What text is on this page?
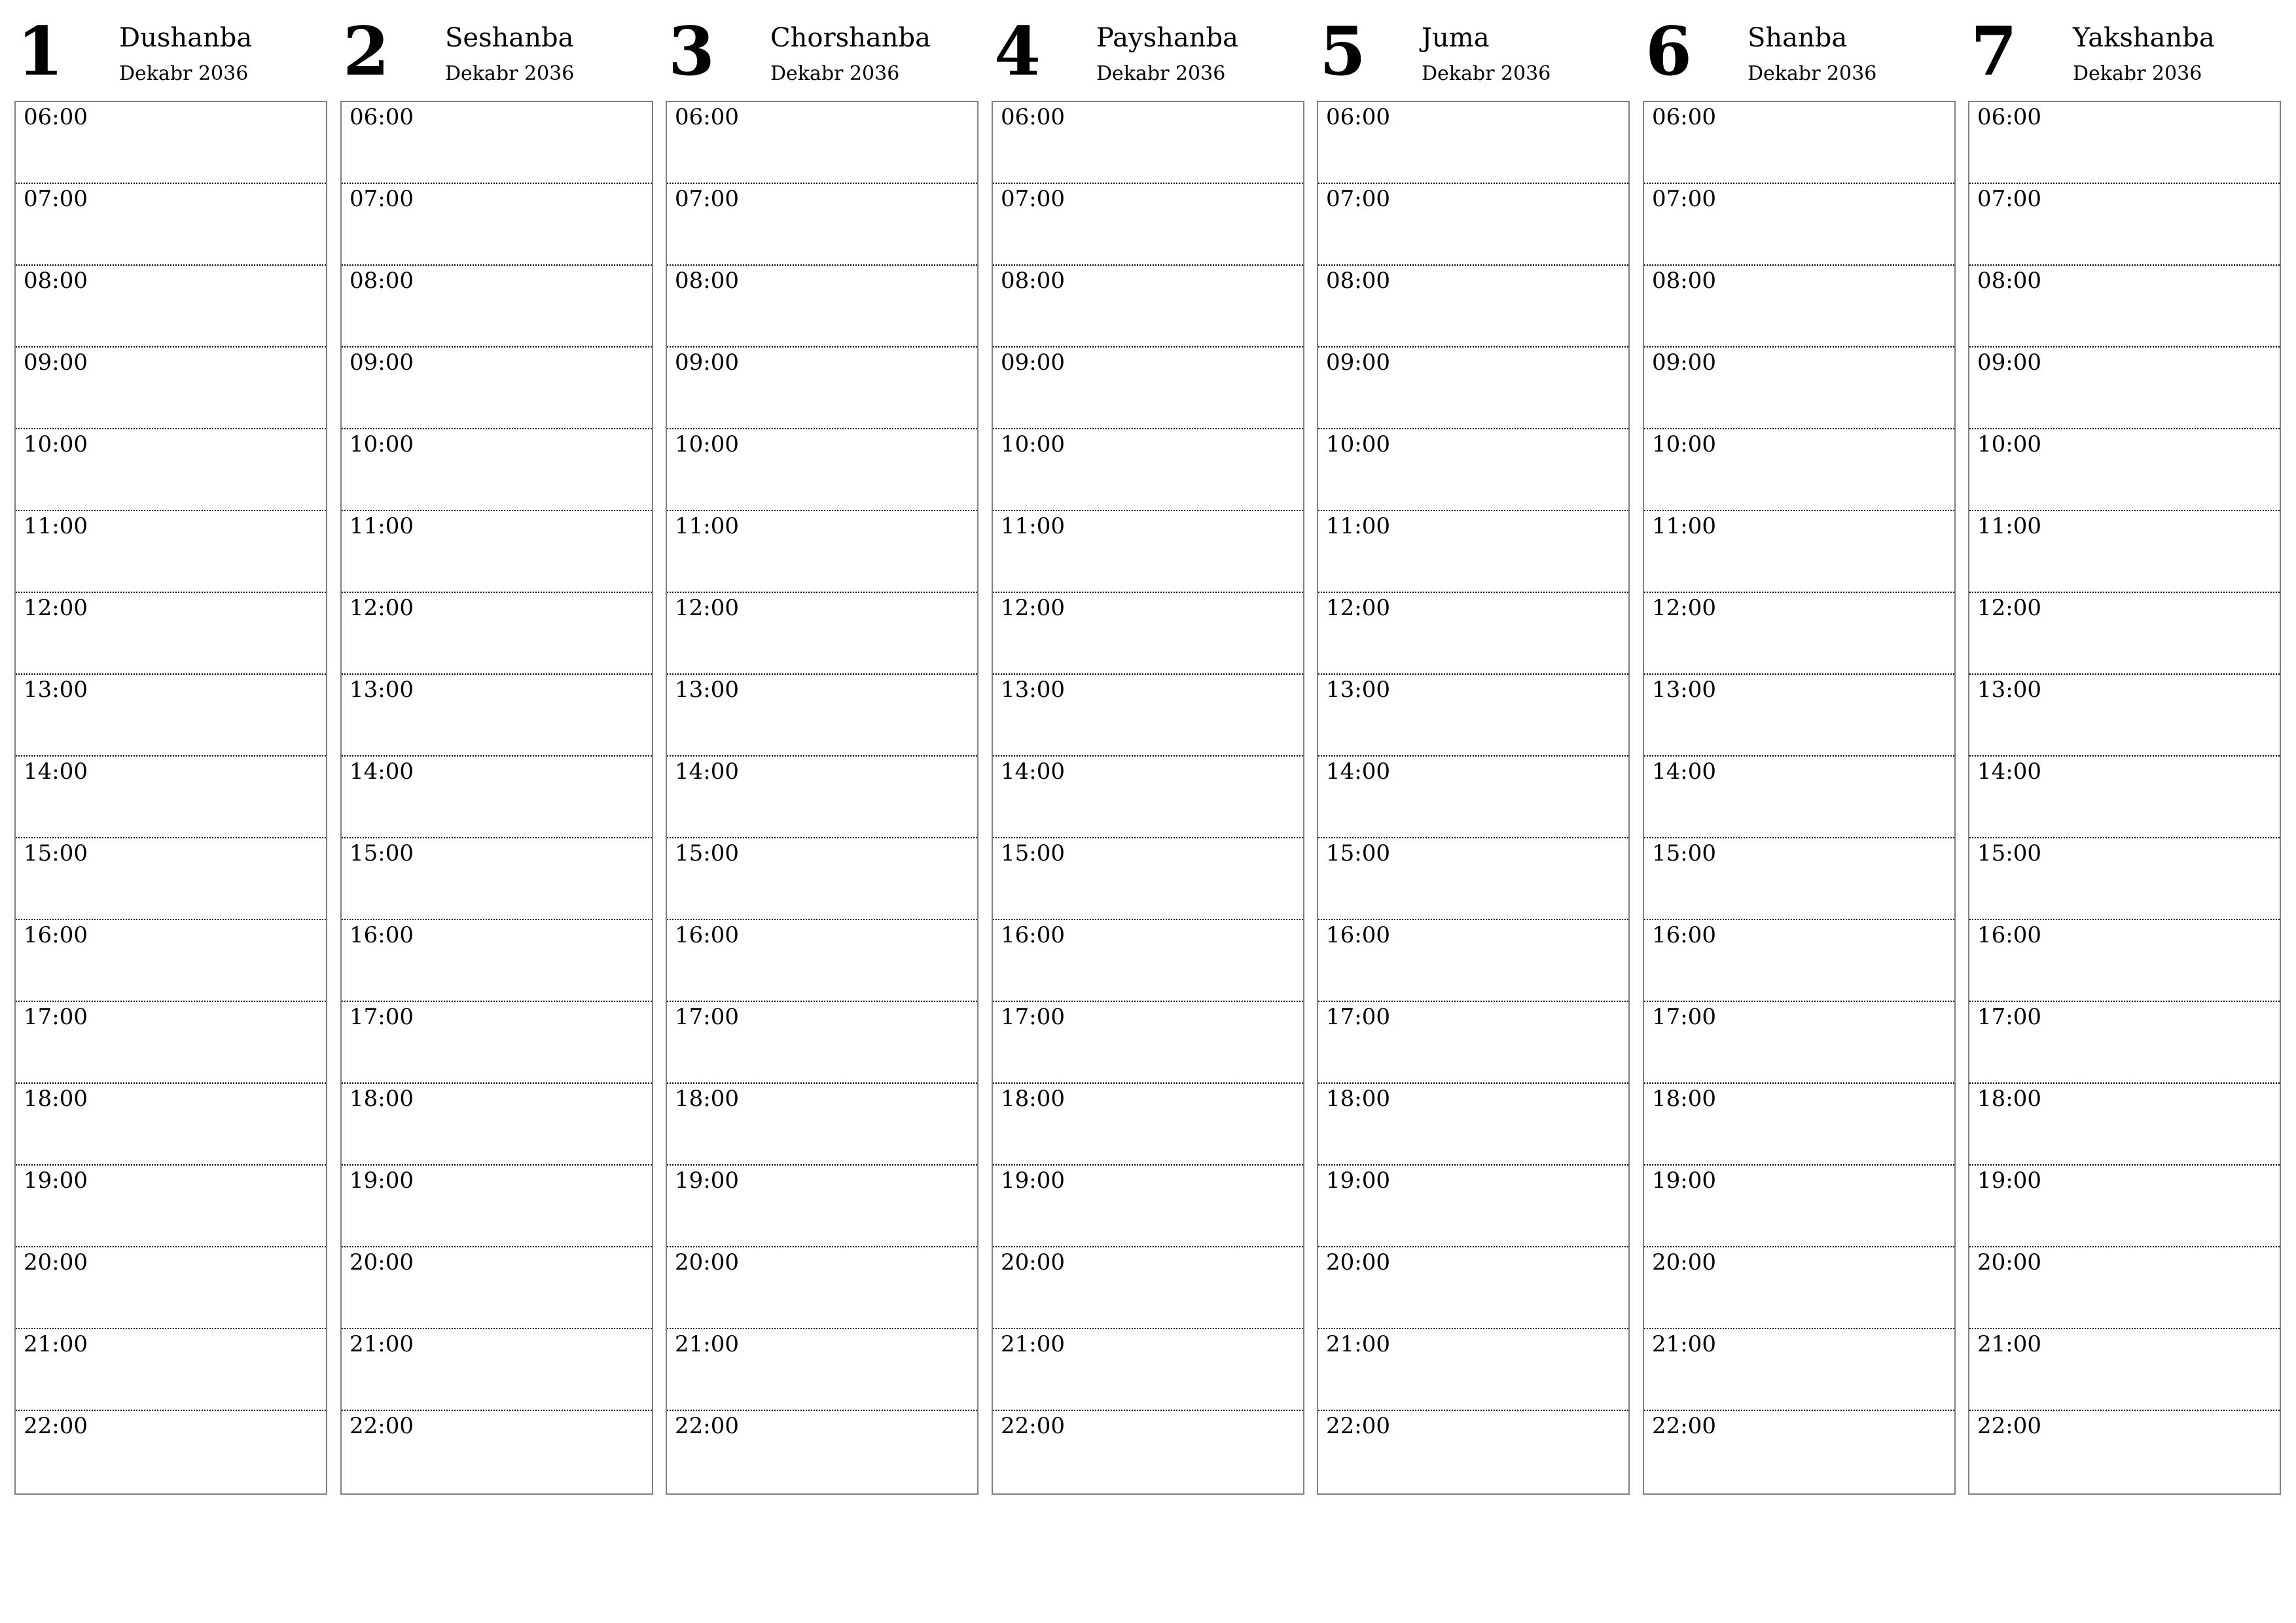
1 Dushanba
Dekabr 2036
06:00
07:00
08:00
09:00
10:00
11:00
12:00
13:00
14:00
15:00
16:00
17:00
18:00
19:00
20:00
21:00
22:00
2 Seshanba
Dekabr 2036
06:00
07:00
08:00
09:00
10:00
11:00
12:00
13:00
14:00
15:00
16:00
17:00
18:00
19:00
20:00
21:00
22:00
3 Chorshanba
Dekabr 2036
06:00
07:00
08:00
09:00
10:00
11:00
12:00
13:00
14:00
15:00
16:00
17:00
18:00
19:00
20:00
21:00
22:00
4 Payshanba
Dekabr 2036
06:00
07:00
08:00
09:00
10:00
11:00
12:00
13:00
14:00
15:00
16:00
17:00
18:00
19:00
20:00
21:00
22:00
5 Juma
Dekabr 2036
06:00
07:00
08:00
09:00
10:00
11:00
12:00
13:00
14:00
15:00
16:00
17:00
18:00
19:00
20:00
21:00
22:00
6 Shanba
Dekabr 2036
06:00
07:00
08:00
09:00
10:00
11:00
12:00
13:00
14:00
15:00
16:00
17:00
18:00
19:00
20:00
21:00
22:00
7 Yakshanba
Dekabr 2036
06:00
07:00
08:00
09:00
10:00
11:00
12:00
13:00
14:00
15:00
16:00
17:00
18:00
19:00
20:00
21:00
22:00
